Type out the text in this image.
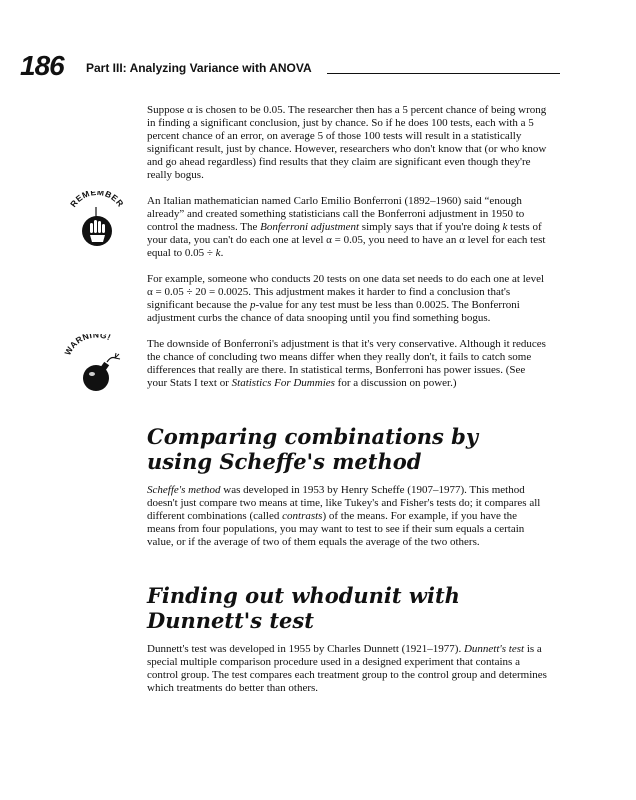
186 Part III: Analyzing Variance with ANOVA

Suppose α is chosen to be 0.05. The researcher then has a 5 percent chance of being wrong in finding a significant conclusion, just by chance. So if he does 100 tests, each with a 5 percent chance of an error, on average 5 of those 100 tests will result in a statistically significant result, just by chance. However, researchers who don't know that (or who know and go ahead regardless) find results that they claim are significant even though they're really bogus.

REMEMBER An Italian mathematician named Carlo Emilio Bonferroni (1892–1960) said “enough already” and created something statisticians call the Bonferroni adjustment in 1950 to control the madness. The Bonferroni adjustment simply says that if you're doing k tests of your data, you can't do each one at level α = 0.05, you need to have an α level for each test equal to 0.05 ÷ k.

For example, someone who conducts 20 tests on one data set needs to do each one at level α = 0.05 ÷ 20 = 0.0025. This adjustment makes it harder to find a conclusion that's significant because the p-value for any test must be less than 0.0025. The Bonferroni adjustment curbs the chance of data snooping until you find something bogus.

WARNING!

The downside of Bonferroni's adjustment is that it's very conservative. Although it reduces the chance of concluding two means differ when they really don't, it fails to catch some differences that really are there. In statistical terms, Bonferroni has power issues. (See your Stats I text or Statistics For Dummies for a discussion on power.)

Comparing combinations by using Scheffe's method

Scheffe's method was developed in 1953 by Henry Scheffe (1907–1977). This method doesn't just compare two means at time, like Tukey's and Fisher's tests do; it compares all different combinations (called contrasts) of the means. For example, if you have the means from four populations, you may want to test to see if their sum equals a certain value, or if the average of two of them equals the average of the two others.

Finding out whodunit with Dunnett's test

Dunnett's test was developed in 1955 by Charles Dunnett (1921–1977). Dunnett's test is a special multiple comparison procedure used in a designed experiment that contains a control group. The test compares each treatment group to the control group and determines which treatments do better than others.
